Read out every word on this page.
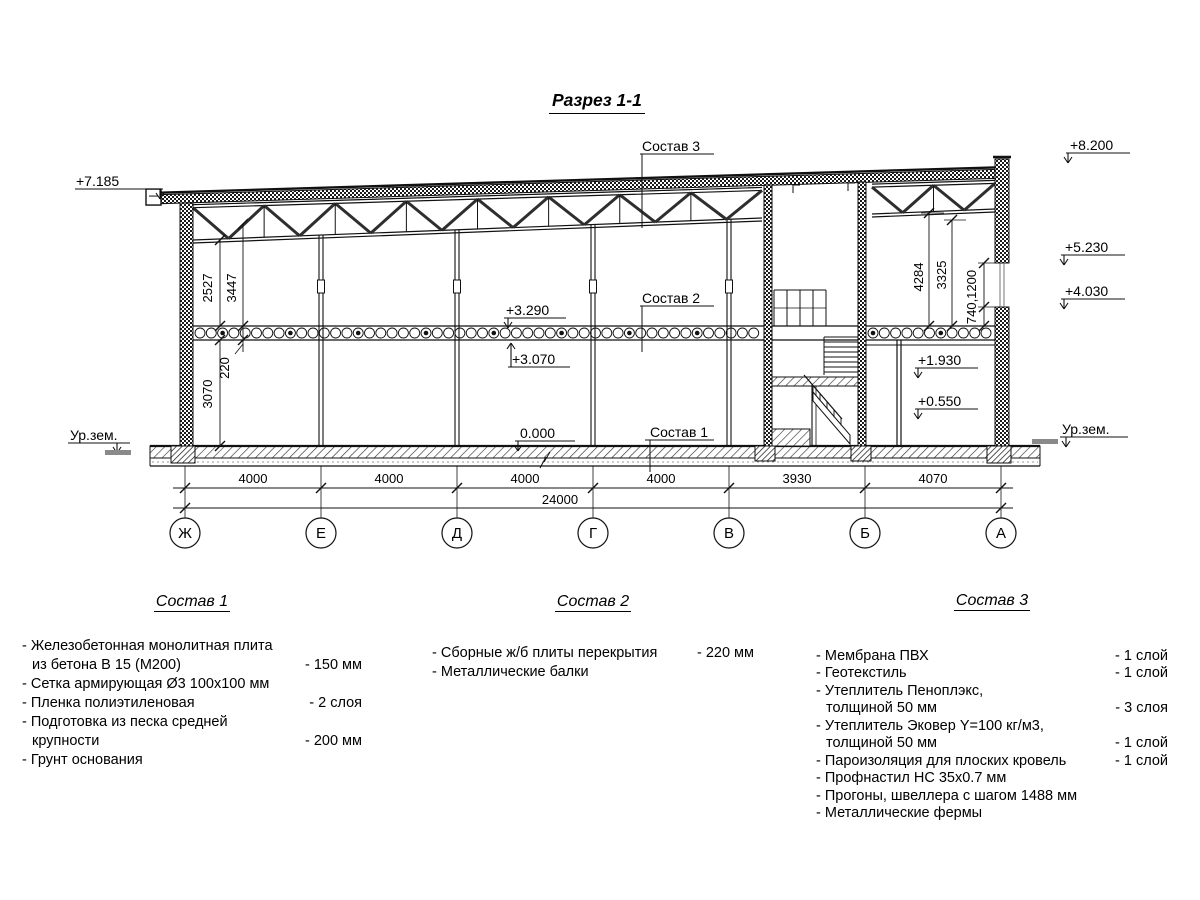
Разрез 1-1
+7.185
+8.200
+5.230
+4.030
+3.290
+3.070	+1.930
+0.550
0.000
Ур.зем.	Ур.зем.
Состав 3
Состав 2
Состав 1
2527 3447
220
3070
4284 3325 740,1200
4000	4000	4000	4000	3930	4070
24000
Ж	Е	Д	Г	В	Б	А
Состав 1
- Железобетонная монолитная плита
из бетона В 15 (М200)	- 150 мм
- Сетка армирующая Ø3 100x100 мм
- Пленка полиэтиленовая	- 2 слоя
- Подготовка из песка средней
крупности	- 200 мм
- Грунт основания
Состав 2
- Сборные ж/б плиты перекрытия	- 220 мм
- Металлические балки
Состав 3
- Мембрана ПВХ	- 1 слой
- Геотекстиль	- 1 слой
- Утеплитель Пеноплэкс,
толщиной 50 мм	- 3 слоя
- Утеплитель Эковер Y=100 кг/м3,
толщиной 50 мм	- 1 слой
- Пароизоляция для плоских кровель	- 1 слой
- Профнастил НС 35x0.7 мм
- Прогоны, швеллера с шагом 1488 мм
- Металлические фермы
